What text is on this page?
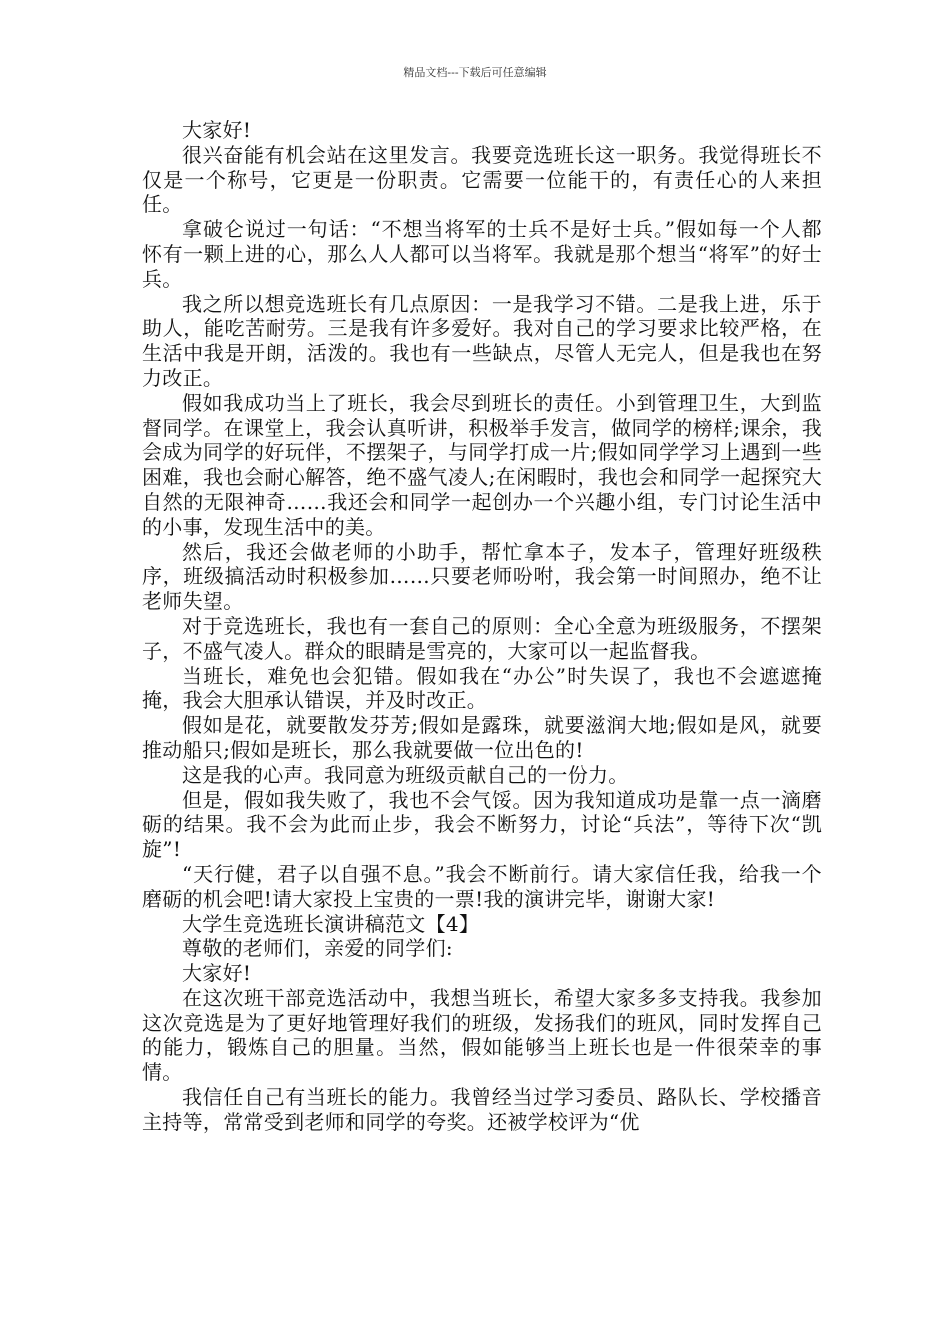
精品文档---下载后可任意编辑

大家好!

很兴奋能有机会站在这里发言。我要竞选班长这一职务。我觉得班长不仅是一个称号，它更是一份职责。它需要一位能干的，有责任心的人来担任。

拿破仑说过一句话：“不想当将军的士兵不是好士兵。”假如每一个人都怀有一颗上进的心，那么人人都可以当将军。我就是那个想当“将军”的好士兵。

我之所以想竞选班长有几点原因：一是我学习不错。二是我上进，乐于助人，能吃苦耐劳。三是我有许多爱好。我对自己的学习要求比较严格，在生活中我是开朗，活泼的。我也有一些缺点，尽管人无完人，但是我也在努力改正。

假如我成功当上了班长，我会尽到班长的责任。小到管理卫生，大到监督同学。在课堂上，我会认真听讲，积极举手发言，做同学的榜样;课余，我会成为同学的好玩伴，不摆架子，与同学打成一片;假如同学学习上遇到一些困难，我也会耐心解答，绝不盛气凌人;在闲暇时，我也会和同学一起探究大自然的无限神奇……我还会和同学一起创办一个兴趣小组，专门讨论生活中的小事，发现生活中的美。

然后，我还会做老师的小助手，帮忙拿本子，发本子，管理好班级秩序，班级搞活动时积极参加……只要老师吩咐，我会第一时间照办，绝不让老师失望。

对于竞选班长，我也有一套自己的原则：全心全意为班级服务，不摆架子，不盛气凌人。群众的眼睛是雪亮的，大家可以一起监督我。

当班长，难免也会犯错。假如我在“办公”时失误了，我也不会遮遮掩掩，我会大胆承认错误，并及时改正。

假如是花，就要散发芬芳;假如是露珠，就要滋润大地;假如是风，就要推动船只;假如是班长，那么我就要做一位出色的!

这是我的心声。我同意为班级贡献自己的一份力。

但是，假如我失败了，我也不会气馁。因为我知道成功是靠一点一滴磨砺的结果。我不会为此而止步，我会不断努力，讨论“兵法”，等待下次“凯旋”!

“天行健，君子以自强不息。”我会不断前行。请大家信任我，给我一个磨砺的机会吧!请大家投上宝贵的一票!我的演讲完毕，谢谢大家!

大学生竞选班长演讲稿范文【4】

尊敬的老师们，亲爱的同学们:

大家好!

在这次班干部竞选活动中，我想当班长，希望大家多多支持我。我参加这次竞选是为了更好地管理好我们的班级，发扬我们的班风，同时发挥自己的能力，锻炼自己的胆量。当然，假如能够当上班长也是一件很荣幸的事情。

我信任自己有当班长的能力。我曾经当过学习委员、路队长、学校播音主持等，常常受到老师和同学的夸奖。还被学校评为“优
